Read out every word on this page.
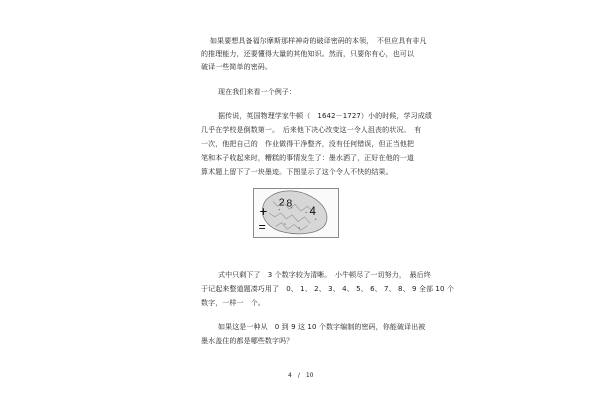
如果要想具备福尔摩斯那样神奇的破译密码的本领，　不但应具有非凡
的推理能力，还要懂得大量的其他知识。然而，只要你有心，也可以
破译一些简单的密码。
现在我们来看一个例子：
据传说，英国物理学家牛顿（　1642－1727）小的时候，学习成绩
几乎在学校是倒数第一。　后来他下决心改变这一令人沮丧的状况。　有
一次，他把自己的　作业做得干净整齐，没有任何错误，但正当他把
笔和本子收起来时，糟糕的事情发生了：墨水洒了，正好在他的一道
算术题上留下了一块墨迹。下图显示了这个令人不快的结果。
2 8
+	4
=
式中只剩下了　3 个数字较为清晰。　小牛顿尽了一切努力，　最后终
于记起来整道题凑巧用了　0、 1、 2、 3、 4、 5、 6、 7、 8、 9 全部 10 个
数字，一样一　个。
如果这是一种从　0 到 9 这 10 个数字编制的密码，你能破译出被
墨水盖住的都是哪些数字吗？
4　/　10
